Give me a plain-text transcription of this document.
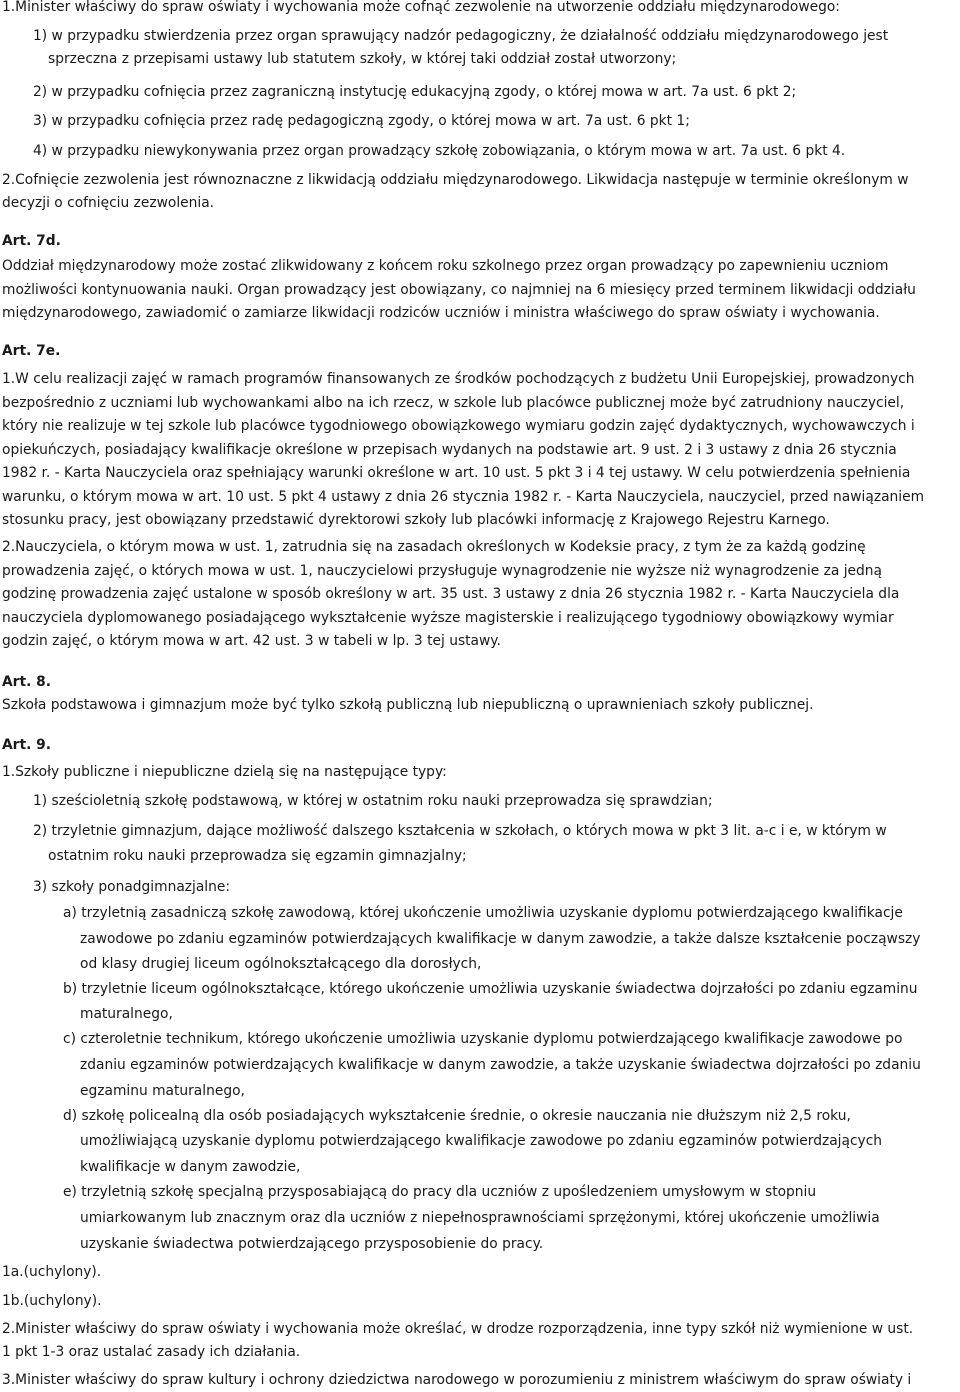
1.Minister właściwy do spraw oświaty i wychowania może cofnąć zezwolenie na utworzenie oddziału międzynarodowego:
1) w przypadku stwierdzenia przez organ sprawujący nadzór pedagogiczny, że działalność oddziału międzynarodowego jest
sprzeczna z przepisami ustawy lub statutem szkoły, w której taki oddział został utworzony;
2) w przypadku cofnięcia przez zagraniczną instytucję edukacyjną zgody, o której mowa w art. 7a ust. 6 pkt 2;
3) w przypadku cofnięcia przez radę pedagogiczną zgody, o której mowa w art. 7a ust. 6 pkt 1;
4) w przypadku niewykonywania przez organ prowadzący szkołę zobowiązania, o którym mowa w art. 7a ust. 6 pkt 4.
2.Cofnięcie zezwolenia jest równoznaczne z likwidacją oddziału międzynarodowego. Likwidacja następuje w terminie określonym w
decyzji o cofnięciu zezwolenia.
Art. 7d.
Oddział międzynarodowy może zostać zlikwidowany z końcem roku szkolnego przez organ prowadzący po zapewnieniu uczniom
możliwości kontynuowania nauki. Organ prowadzący jest obowiązany, co najmniej na 6 miesięcy przed terminem likwidacji oddziału
międzynarodowego, zawiadomić o zamiarze likwidacji rodziców uczniów i ministra właściwego do spraw oświaty i wychowania.
Art. 7e.
1.W celu realizacji zajęć w ramach programów finansowanych ze środków pochodzących z budżetu Unii Europejskiej, prowadzonych
bezpośrednio z uczniami lub wychowankami albo na ich rzecz, w szkole lub placówce publicznej może być zatrudniony nauczyciel,
który nie realizuje w tej szkole lub placówce tygodniowego obowiązkowego wymiaru godzin zajęć dydaktycznych, wychowawczych i
opiekuńczych, posiadający kwalifikacje określone w przepisach wydanych na podstawie art. 9 ust. 2 i 3 ustawy z dnia 26 stycznia
1982 r. - Karta Nauczyciela oraz spełniający warunki określone w art. 10 ust. 5 pkt 3 i 4 tej ustawy. W celu potwierdzenia spełnienia
warunku, o którym mowa w art. 10 ust. 5 pkt 4 ustawy z dnia 26 stycznia 1982 r. - Karta Nauczyciela, nauczyciel, przed nawiązaniem
stosunku pracy, jest obowiązany przedstawić dyrektorowi szkoły lub placówki informację z Krajowego Rejestru Karnego.
2.Nauczyciela, o którym mowa w ust. 1, zatrudnia się na zasadach określonych w Kodeksie pracy, z tym że za każdą godzinę
prowadzenia zajęć, o których mowa w ust. 1, nauczycielowi przysługuje wynagrodzenie nie wyższe niż wynagrodzenie za jedną
godzinę prowadzenia zajęć ustalone w sposób określony w art. 35 ust. 3 ustawy z dnia 26 stycznia 1982 r. - Karta Nauczyciela dla
nauczyciela dyplomowanego posiadającego wykształcenie wyższe magisterskie i realizującego tygodniowy obowiązkowy wymiar
godzin zajęć, o którym mowa w art. 42 ust. 3 w tabeli w lp. 3 tej ustawy.
Art. 8.
Szkoła podstawowa i gimnazjum może być tylko szkołą publiczną lub niepubliczną o uprawnieniach szkoły publicznej.
Art. 9.
1.Szkoły publiczne i niepubliczne dzielą się na następujące typy:
1) sześcioletnią szkołę podstawową, w której w ostatnim roku nauki przeprowadza się sprawdzian;
2) trzyletnie gimnazjum, dające możliwość dalszego kształcenia w szkołach, o których mowa w pkt 3 lit. a-c i e, w którym w
ostatnim roku nauki przeprowadza się egzamin gimnazjalny;
3) szkoły ponadgimnazjalne:
a) trzyletnią zasadniczą szkołę zawodową, której ukończenie umożliwia uzyskanie dyplomu potwierdzającego kwalifikacje
zawodowe po zdaniu egzaminów potwierdzających kwalifikacje w danym zawodzie, a także dalsze kształcenie począwszy
od klasy drugiej liceum ogólnokształcącego dla dorosłych,
b) trzyletnie liceum ogólnokształcące, którego ukończenie umożliwia uzyskanie świadectwa dojrzałości po zdaniu egzaminu
maturalnego,
c) czteroletnie technikum, którego ukończenie umożliwia uzyskanie dyplomu potwierdzającego kwalifikacje zawodowe po
zdaniu egzaminów potwierdzających kwalifikacje w danym zawodzie, a także uzyskanie świadectwa dojrzałości po zdaniu
egzaminu maturalnego,
d) szkołę policealną dla osób posiadających wykształcenie średnie, o okresie nauczania nie dłuższym niż 2,5 roku,
umożliwiającą uzyskanie dyplomu potwierdzającego kwalifikacje zawodowe po zdaniu egzaminów potwierdzających
kwalifikacje w danym zawodzie,
e) trzyletnią szkołę specjalną przysposabiającą do pracy dla uczniów z upośledzeniem umysłowym w stopniu
umiarkowanym lub znacznym oraz dla uczniów z niepełnosprawnościami sprzężonymi, której ukończenie umożliwia
uzyskanie świadectwa potwierdzającego przysposobienie do pracy.
1a.(uchylony).
1b.(uchylony).
2.Minister właściwy do spraw oświaty i wychowania może określać, w drodze rozporządzenia, inne typy szkół niż wymienione w ust.
1 pkt 1-3 oraz ustalać zasady ich działania.
3.Minister właściwy do spraw kultury i ochrony dziedzictwa narodowego w porozumieniu z ministrem właściwym do spraw oświaty i
